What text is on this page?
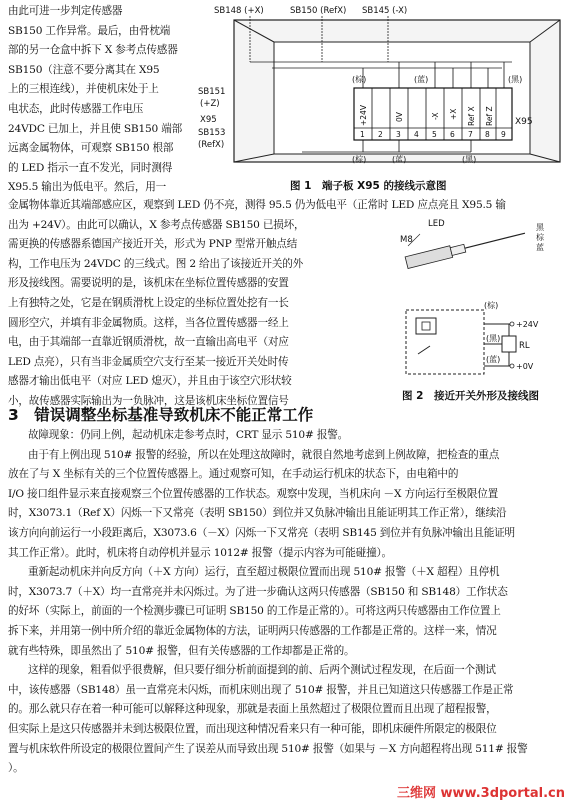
由此可进一步判定传感器
SB150 工作异常。最后，由骨枕端
部的另一仓盒中拆下 X 参考点传感器
SB150（注意不要分离其在 X95
上的三根连线），并使机床处于上
电状态，此时传感器工作电压
24VDC 已加上，并且使 SB150 端部
远离金属物体，可观察 SB150 根部
的 LED 指示一直不发光，同时测得
X95.5 输出为低电平。然后，用一
+24V	0V	-X +X Ref X Ref Z
1 2 3 4 5 6 7 8 9
SB148 (+X)	SB150 (RefX) SB145 (-X)
SB151
(+Z)
X95
SB153
(RefX)
X95
(棕)	(蓝)	(黑)
(棕)	(蓝)	(黑)
图 1　端子板 X95 的接线示意图
金属物体靠近其端部感应区，观察到 LED 仍不亮，测得 95.5 仍为低电平（正常时 LED 应点亮且 X95.5 输
出为 +24V）。由此可以确认，X 参考点传感器 SB150 已损坏，
需更换的传感器系德国产接近开关，形式为 PNP 型常开触点结
构，工作电压为 24VDC 的三线式。图 2 给出了该接近开关的外
形及接线图。需要说明的是，该机床在坐标位置传感器的安置
上有独特之处，它是在钢质滑枕上设定的坐标位置处挖有一长
圆形空穴，并填有非金属物质。这样，当各位置传感器一经上
电，由于其端部一直靠近钢质滑枕，故一直输出高电平（对应
LED 点亮），只有当非金属质空穴支行至某一接近开关处时传
感器才输出低电平（对应 LED 熄灭），并且由于该空穴形状较
LED
M8
黑
棕
蓝
(棕)
+24V
(黑)
RL
(蓝)
+0V
3　错误调整坐标基准导致机床不能正常工作
故障现象：仍同上例，起动机床走参考点时，CRT 显示 510# 报警。
由于有上例出现 510# 报警的经验，所以在处理这故障时，就很自然地考虑到上例故障，把检查的重点
放在了与 X 坐标有关的三个位置传感器上。通过观察可知，在手动运行机床的状态下，由电箱中的
I/O 接口组件显示来直接观察三个位置传感器的工作状态。观察中发现，当机床向 －X 方向运行至极限位置
时，X3073.1（Ref X）闪烁一下又常亮（表明 SB150）到位并又负脉冲输出且能证明其工作正常），继续沿
该方向向前运行一小段距离后，X3073.6（－X）闪烁一下又常亮（表明 SB145 到位并有负脉冲输出且能证明
其工作正常）。此时，机床将自动停机并显示 1012# 报警（提示内容为可能碰撞）。
重新起动机床并向反方向（＋X 方向）运行，直至超过极限位置而出现 510# 报警（＋X 超程）且停机
时，X3073.7（＋X）均一直常亮并未闪烁过。为了进一步确认这两只传感器（SB150 和 SB148）工作状态
的好坏（实际上，前面的一个检测步骤已可证明 SB150 的工作是正常的）。可将这两只传感器由工作位置上
拆下来，并用第一例中所介绍的靠近金属物体的方法，证明两只传感器的工作都是正常的。这样一来，情况
就有些特殊，即虽然出了 510# 报警，但有关传感器的工作却都是正常的。
这样的现象，粗看似乎很费解，但只要仔细分析前面提到的前、后两个测试过程发现，在后面一个测试
中，该传感器（SB148）虽一直常亮未闪烁，而机床则出现了 510# 报警，并且已知道这只传感器工作是正常
的。那么就只存在着一种可能可以解释这种现象，那就是表面上虽然超过了极限位置而且出现了超程报警，
但实际上是这只传感器并未到达极限位置，而出现这种情况看来只有一种可能，即机床硬件所限定的极限位
置与机床软件所设定的极限位置间产生了误差从而导致出现 510# 报警（如果与 －X 方向超程将出现 511# 报警
）。
小，故传感器实际输出为一负脉冲，这是该机床坐标位置信号	图 2　接近开关外形及接线图
三维网 www.3dportal.cn
